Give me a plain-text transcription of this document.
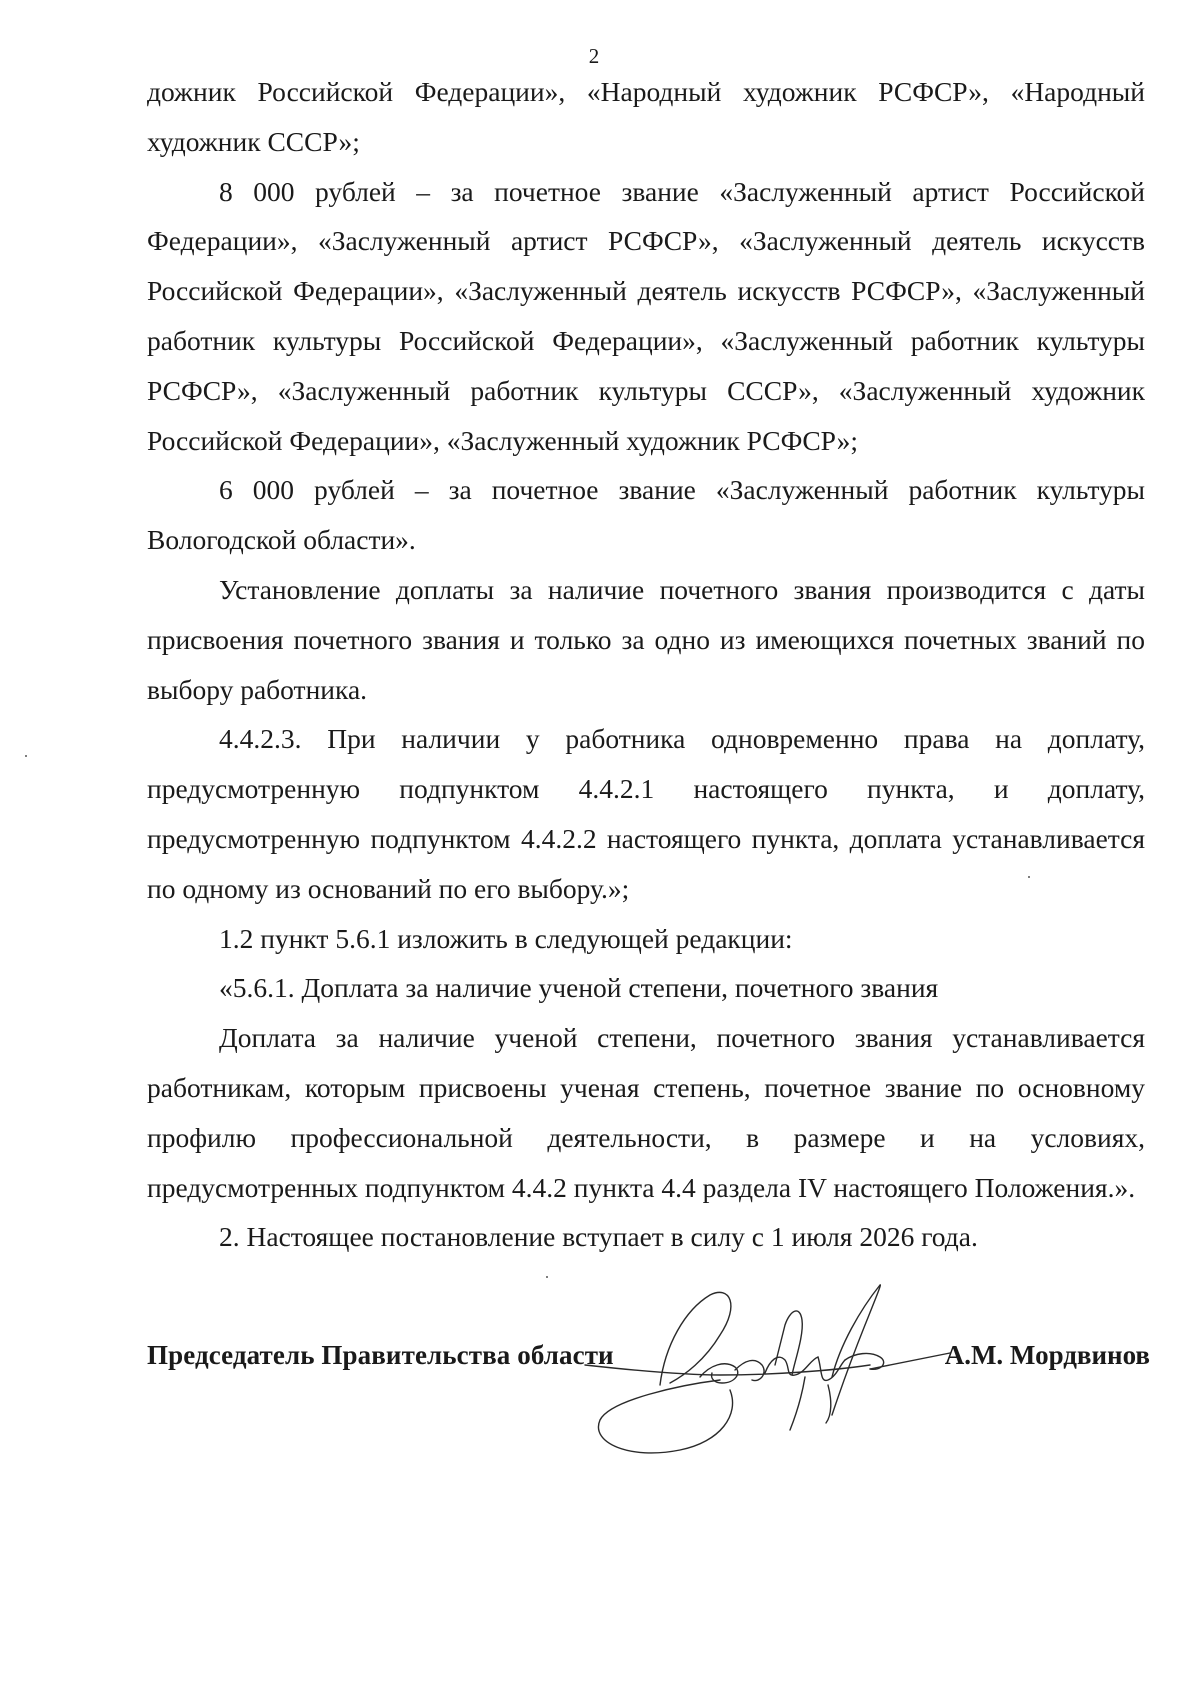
2

дожник Российской Федерации», «Народный художник РСФСР», «Народный художник СССР»;

8 000 рублей – за почетное звание «Заслуженный артист Российской Федерации», «Заслуженный артист РСФСР», «Заслуженный деятель искусств Российской Федерации», «Заслуженный деятель искусств РСФСР», «Заслуженный работник культуры Российской Федерации», «Заслуженный работник культуры РСФСР», «Заслуженный работник культуры СССР», «Заслуженный художник Российской Федерации», «Заслуженный художник РСФСР»;

6 000 рублей – за почетное звание «Заслуженный работник культуры Вологодской области».

Установление доплаты за наличие почетного звания производится с даты присвоения почетного звания и только за одно из имеющихся почетных званий по выбору работника.

4.4.2.3. При наличии у работника одновременно права на доплату, предусмотренную подпунктом 4.4.2.1 настоящего пункта, и доплату, предусмотренную подпунктом 4.4.2.2 настоящего пункта, доплата устанавливается по одному из оснований по его выбору.»;

1.2 пункт 5.6.1 изложить в следующей редакции:

«5.6.1. Доплата за наличие ученой степени, почетного звания

Доплата за наличие ученой степени, почетного звания устанавливается работникам, которым присвоены ученая степень, почетное звание по основному профилю профессиональной деятельности, в размере и на условиях, предусмотренных подпунктом 4.4.2 пункта 4.4 раздела IV настоящего Положения.».

2. Настоящее постановление вступает в силу с 1 июля 2026 года.

Председатель Правительства области	А.М. Мордвинов
